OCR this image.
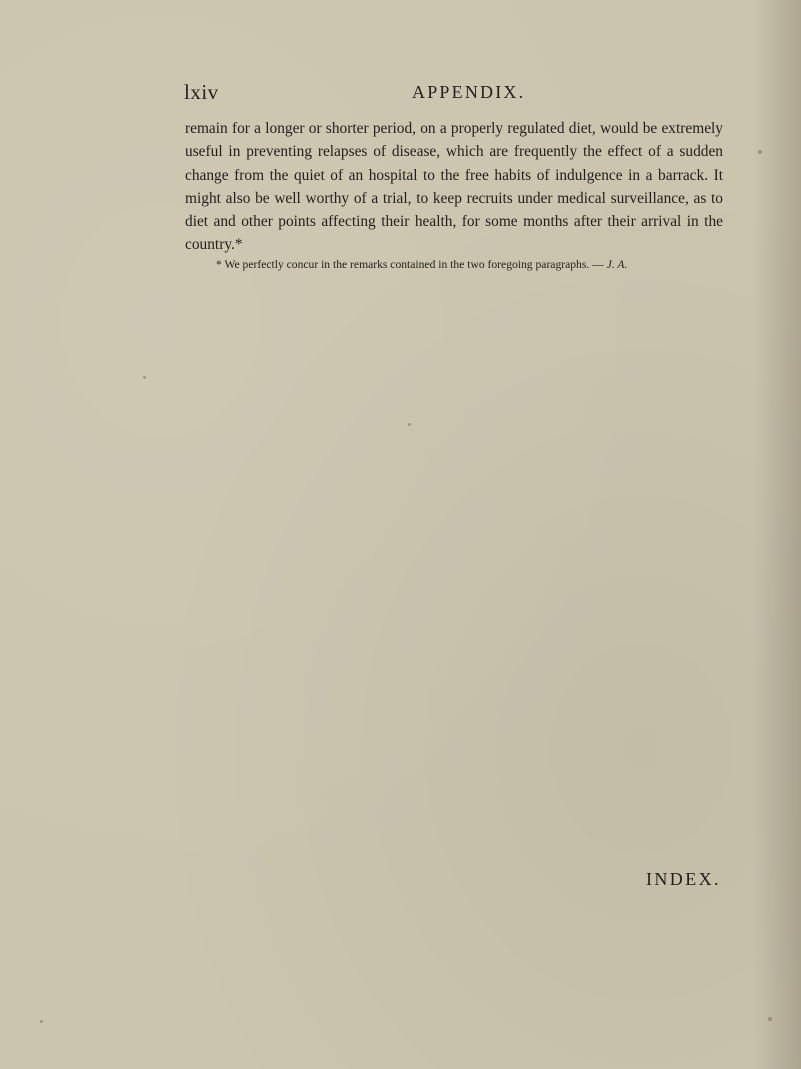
lxiv	APPENDIX.

remain for a longer or shorter period, on a properly regulated diet, would be extremely useful in preventing relapses of disease, which are frequently the effect of a sudden change from the quiet of an hospital to the free habits of indulgence in a barrack. It might also be well worthy of a trial, to keep recruits under medical surveillance, as to diet and other points affecting their health, for some months after their arrival in the country.*

* We perfectly concur in the remarks contained in the two foregoing paragraphs. — J. A.

INDEX.
